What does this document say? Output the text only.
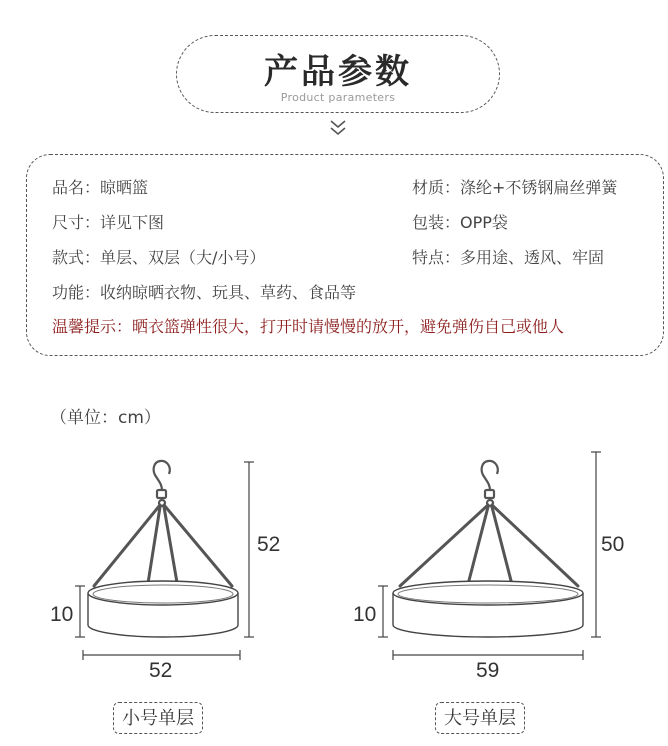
产品参数
Product parameters
品名：晾晒篮	材质：涤纶+不锈钢扁丝弹簧
尺寸：详见下图	包装：OPP袋
款式：单层、双层（大/小号）	特点：多用途、透风、牢固
功能：收纳晾晒衣物、玩具、草药、食品等
温馨提示：晒衣篮弹性很大，打开时请慢慢的放开，避免弹伤自己或他人
（单位：cm）
52
10
52
50
10
59
小号单层	大号单层
